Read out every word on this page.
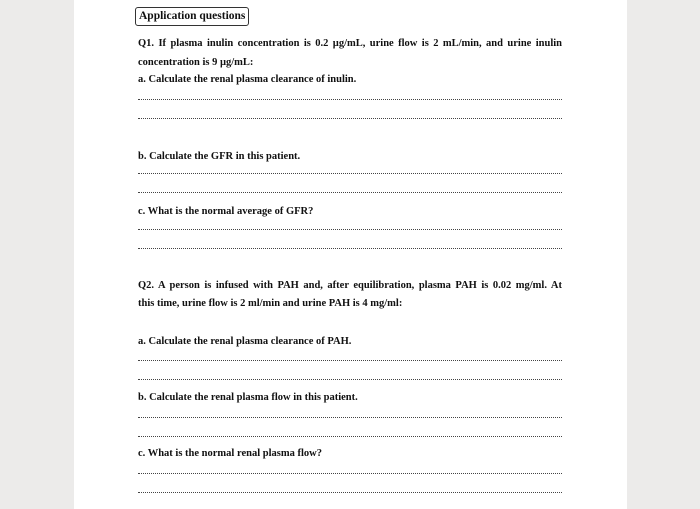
Application questions
Q1. If plasma inulin concentration is 0.2 µg/mL, urine flow is 2 mL/min, and urine inulin
concentration is 9 µg/mL:
a. Calculate the renal plasma clearance of inulin.
b. Calculate the GFR in this patient.
c. What is the normal average of GFR?
Q2. A person is infused with PAH and, after equilibration, plasma PAH is 0.02 mg/ml. At
this time, urine flow is 2 ml/min and urine PAH is 4 mg/ml:
a. Calculate the renal plasma clearance of PAH.
b. Calculate the renal plasma flow in this patient.
c. What is the normal renal plasma flow?
